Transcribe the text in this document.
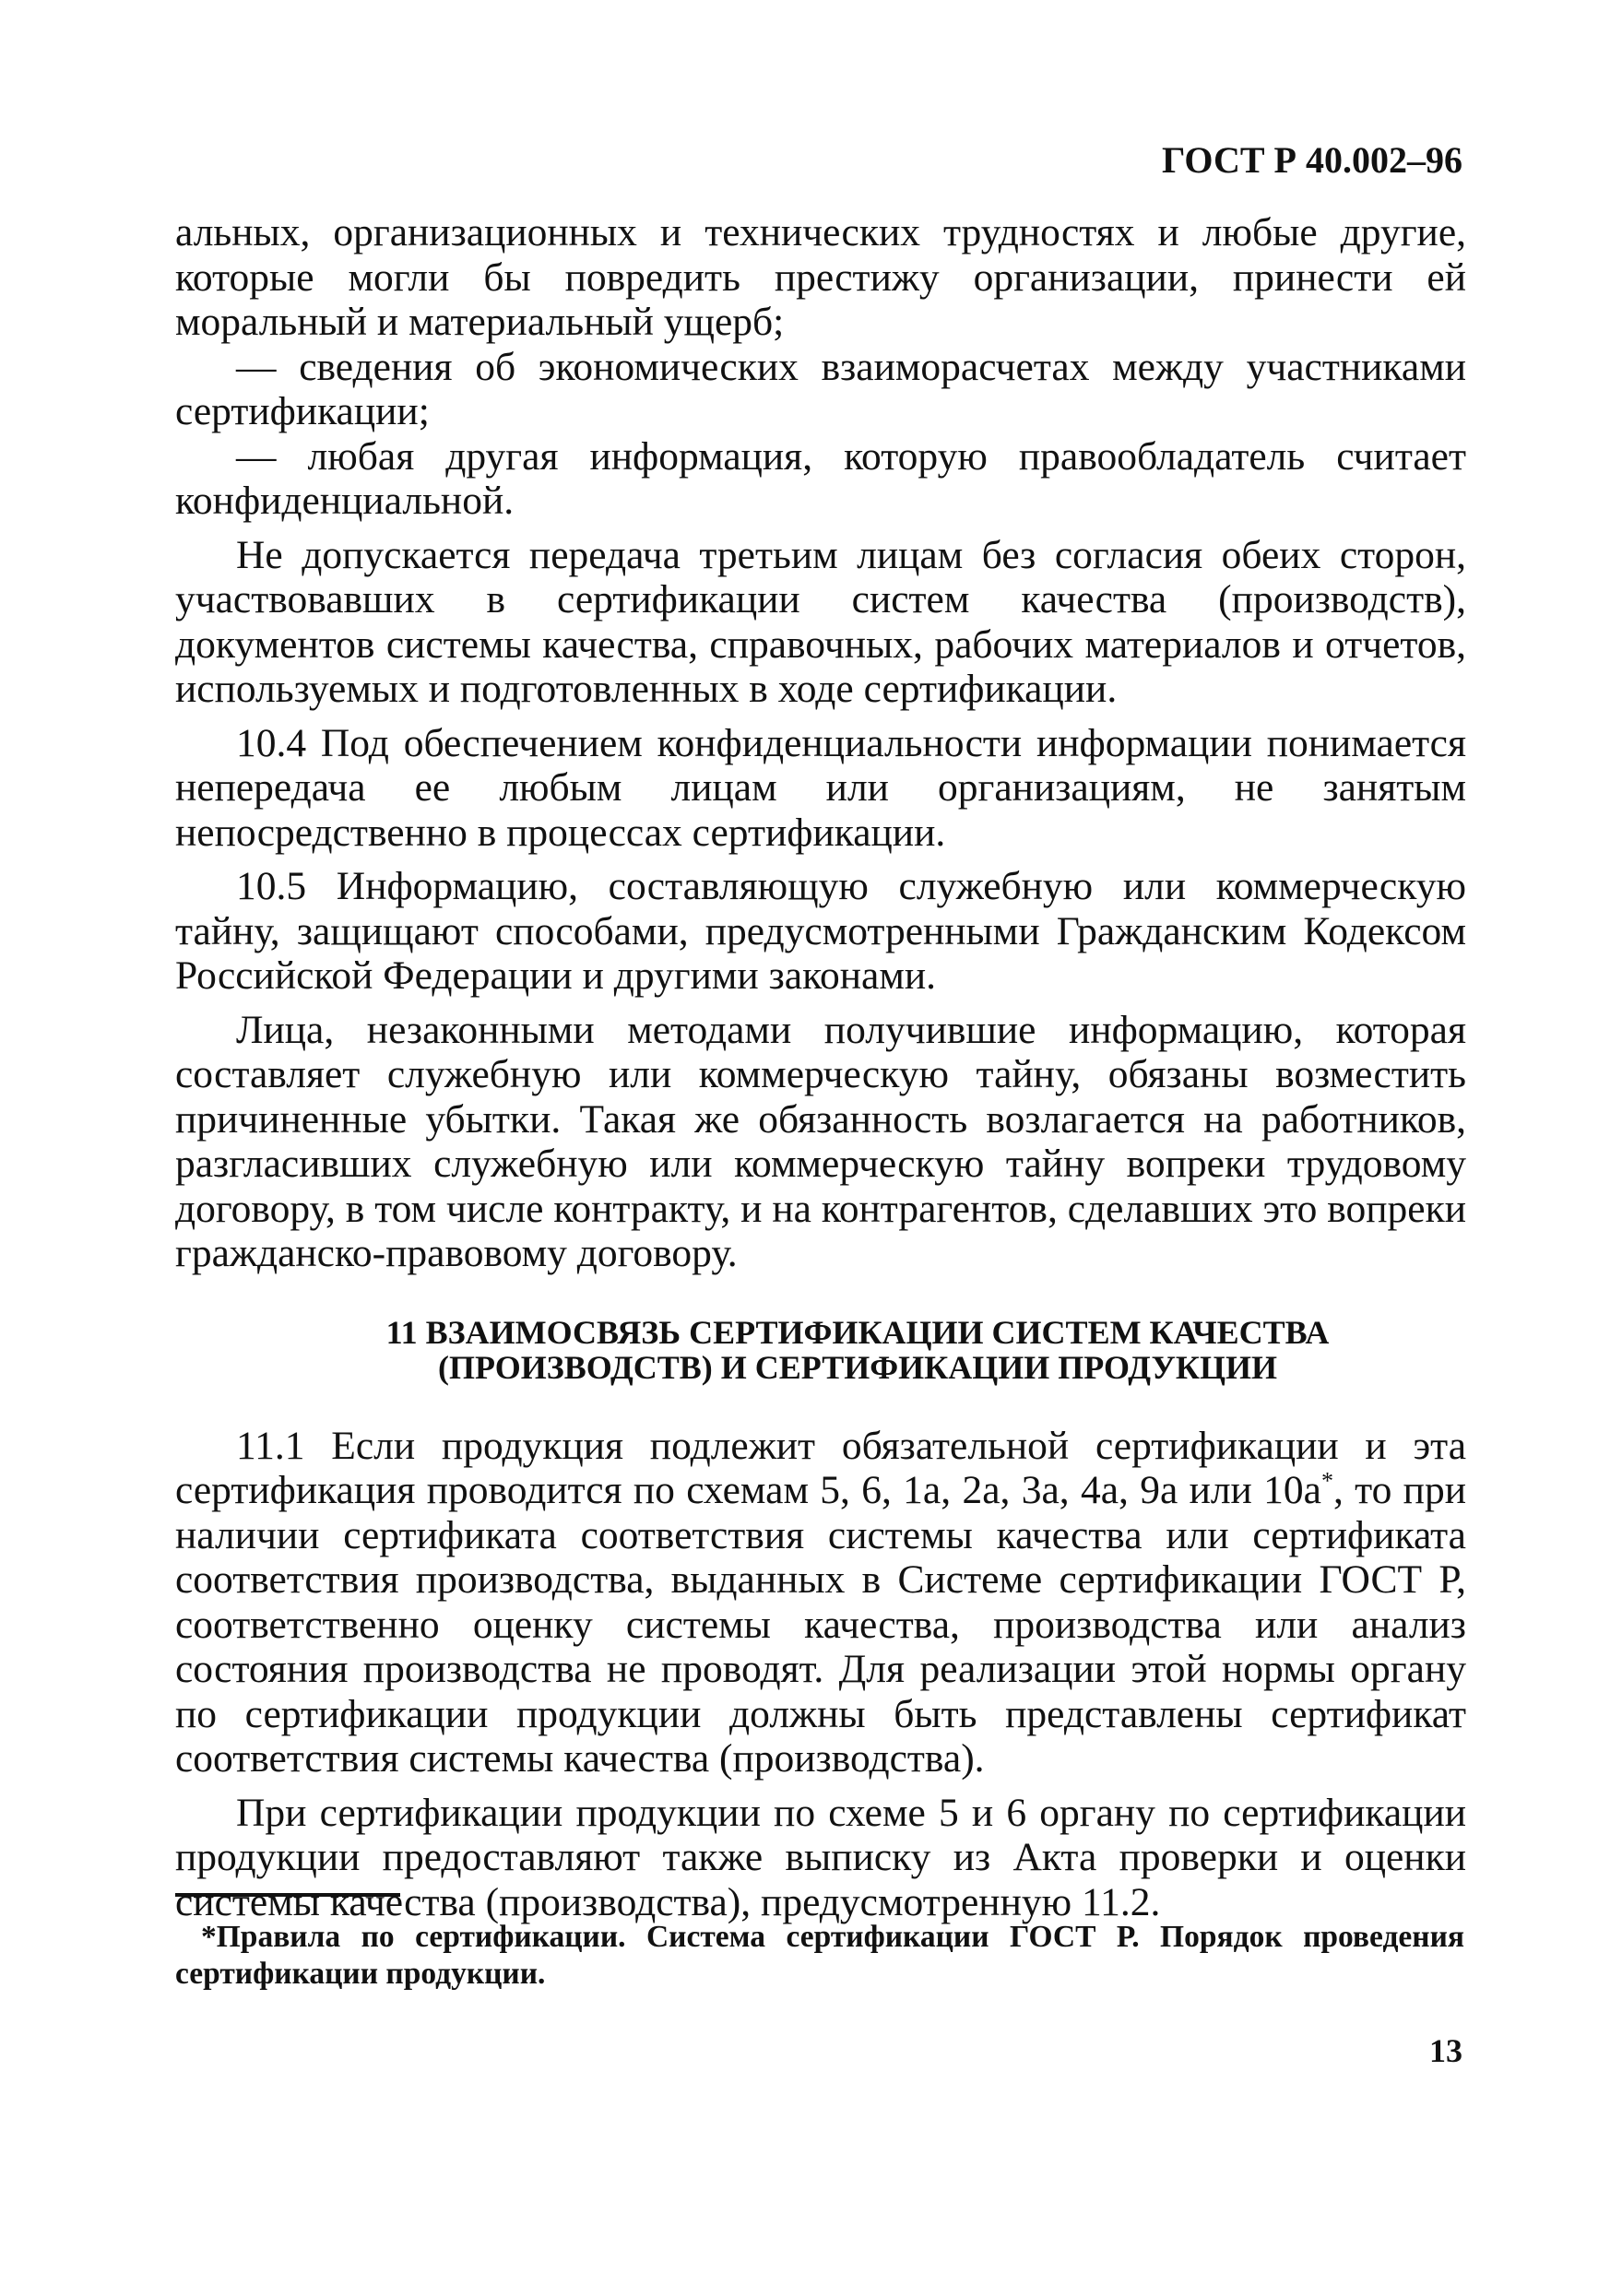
ГОСТ Р 40.002–96

альных, организационных и технических трудностях и любые другие, которые могли бы повредить престижу организации, принести ей моральный и материальный ущерб;

— сведения об экономических взаиморасчетах между участниками сертификации;

— любая другая информация, которую правообладатель считает конфиденциальной.

Не допускается передача третьим лицам без согласия обеих сторон, участвовавших в сертификации систем качества (производств), документов системы качества, справочных, рабочих материалов и отчетов, используемых и подготовленных в ходе сертификации.

10.4 Под обеспечением конфиденциальности информации понимается непередача ее любым лицам или организациям, не занятым непосредственно в процессах сертификации.

10.5 Информацию, составляющую служебную или коммерческую тайну, защищают способами, предусмотренными Гражданским Кодексом Российской Федерации и другими законами.

Лица, незаконными методами получившие информацию, которая составляет служебную или коммерческую тайну, обязаны возместить причиненные убытки. Такая же обязанность возлагается на работников, разгласивших служебную или коммерческую тайну вопреки трудовому договору, в том числе контракту, и на контрагентов, сделавших это вопреки гражданско-правовому договору.

11 ВЗАИМОСВЯЗЬ СЕРТИФИКАЦИИ СИСТЕМ КАЧЕСТВА
(ПРОИЗВОДСТВ) И СЕРТИФИКАЦИИ ПРОДУКЦИИ

11.1 Если продукция подлежит обязательной сертификации и эта сертификация проводится по схемам 5, 6, 1а, 2а, 3а, 4а, 9а или 10а*, то при наличии сертификата соответствия системы качества или сертификата соответствия производства, выданных в Системе сертификации ГОСТ Р, соответственно оценку системы качества, производства или анализ состояния производства не проводят. Для реализации этой нормы органу по сертификации продукции должны быть представлены сертификат соответствия системы качества (производства).

При сертификации продукции по схеме 5 и 6 органу по сертификации продукции предоставляют также выписку из Акта проверки и оценки системы качества (производства), предусмотренную 11.2.

*Правила по сертификации. Система сертификации ГОСТ Р. Порядок проведения сертификации продукции.
13
